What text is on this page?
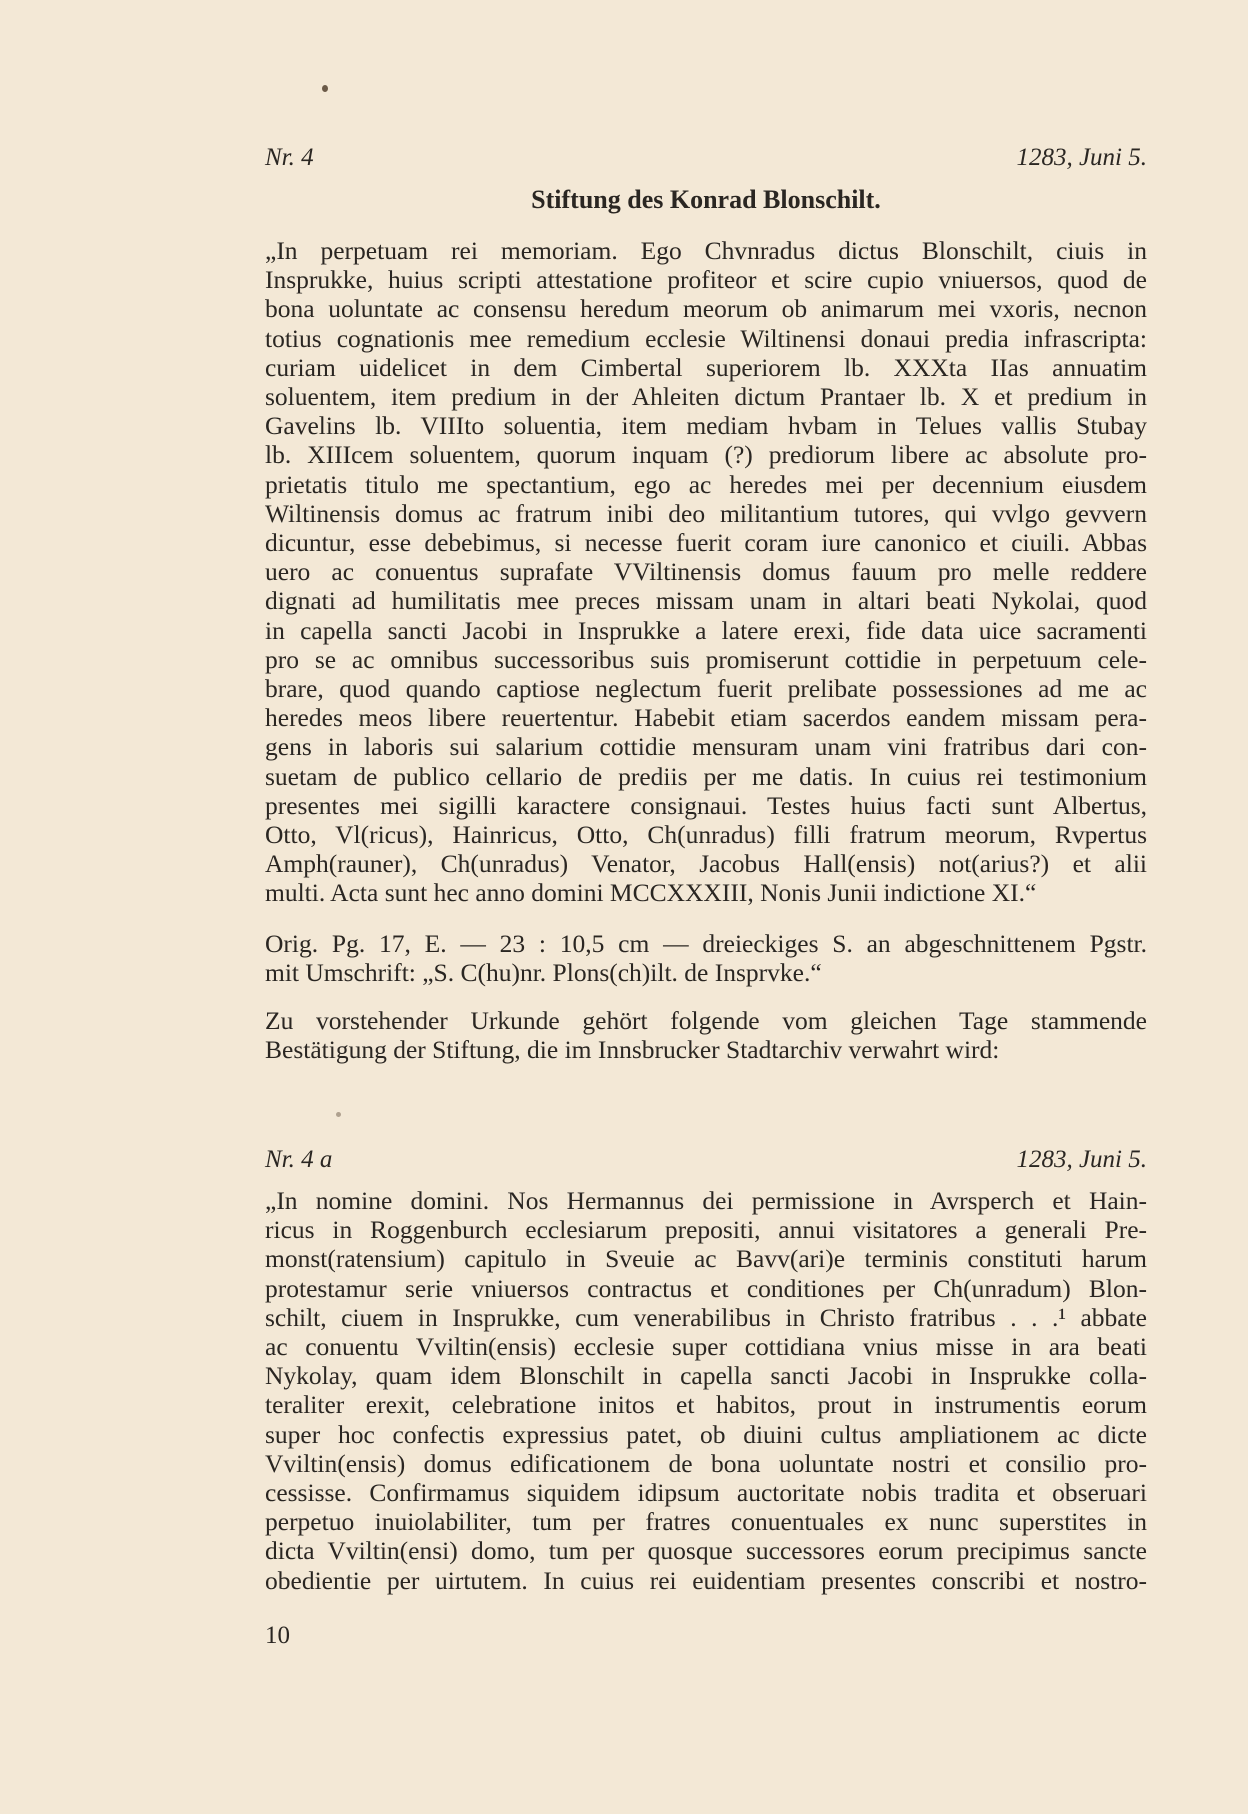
Nr. 4	1283, Juni 5.
Stiftung des Konrad Blonschilt.
„In perpetuam rei memoriam. Ego Chvnradus dictus Blonschilt, ciuis in
Insprukke, huius scripti attestatione profiteor et scire cupio vniuersos, quod de
bona uoluntate ac consensu heredum meorum ob animarum mei vxoris, necnon
totius cognationis mee remedium ecclesie Wiltinensi donaui predia infrascripta:
curiam uidelicet in dem Cimbertal superiorem lb. XXXta IIas annuatim
soluentem, item predium in der Ahleiten dictum Prantaer lb. X et predium in
Gavelins lb. VIIIto soluentia, item mediam hvbam in Telues vallis Stubay
lb. XIIIcem soluentem, quorum inquam (?) prediorum libere ac absolute pro-
prietatis titulo me spectantium, ego ac heredes mei per decennium eiusdem
Wiltinensis domus ac fratrum inibi deo militantium tutores, qui vvlgo gevvern
dicuntur, esse debebimus, si necesse fuerit coram iure canonico et ciuili. Abbas
uero ac conuentus suprafate VViltinensis domus fauum pro melle reddere
dignati ad humilitatis mee preces missam unam in altari beati Nykolai, quod
in capella sancti Jacobi in Insprukke a latere erexi, fide data uice sacramenti
pro se ac omnibus successoribus suis promiserunt cottidie in perpetuum cele-
brare, quod quando captiose neglectum fuerit prelibate possessiones ad me ac
heredes meos libere reuertentur. Habebit etiam sacerdos eandem missam pera-
gens in laboris sui salarium cottidie mensuram unam vini fratribus dari con-
suetam de publico cellario de prediis per me datis. In cuius rei testimonium
presentes mei sigilli karactere consignaui. Testes huius facti sunt Albertus,
Otto, Vl(ricus), Hainricus, Otto, Ch(unradus) filli fratrum meorum, Rvpertus
Amph(rauner), Ch(unradus) Venator, Jacobus Hall(ensis) not(arius?) et alii
multi. Acta sunt hec anno domini MCCXXXIII, Nonis Junii indictione XI.“
Orig. Pg. 17, E. — 23 : 10,5 cm — dreieckiges S. an abgeschnittenem Pgstr.
mit Umschrift: „S. C(hu)nr. Plons(ch)ilt. de Insprvke.“
Zu vorstehender Urkunde gehört folgende vom gleichen Tage stammende
Bestätigung der Stiftung, die im Innsbrucker Stadtarchiv verwahrt wird:
Nr. 4 a	1283, Juni 5.
„In nomine domini. Nos Hermannus dei permissione in Avrsperch et Hain-
ricus in Roggenburch ecclesiarum prepositi, annui visitatores a generali Pre-
monst(ratensium) capitulo in Sveuie ac Bavv(ari)e terminis constituti harum
protestamur serie vniuersos contractus et conditiones per Ch(unradum) Blon-
schilt, ciuem in Insprukke, cum venerabilibus in Christo fratribus . . .¹ abbate
ac conuentu Vviltin(ensis) ecclesie super cottidiana vnius misse in ara beati
Nykolay, quam idem Blonschilt in capella sancti Jacobi in Insprukke colla-
teraliter erexit, celebratione initos et habitos, prout in instrumentis eorum
super hoc confectis expressius patet, ob diuini cultus ampliationem ac dicte
Vviltin(ensis) domus edificationem de bona uoluntate nostri et consilio pro-
cessisse. Confirmamus siquidem idipsum auctoritate nobis tradita et obseruari
perpetuo inuiolabiliter, tum per fratres conuentuales ex nunc superstites in
dicta Vviltin(ensi) domo, tum per quosque successores eorum precipimus sancte
obedientie per uirtutem. In cuius rei euidentiam presentes conscribi et nostro-
10
